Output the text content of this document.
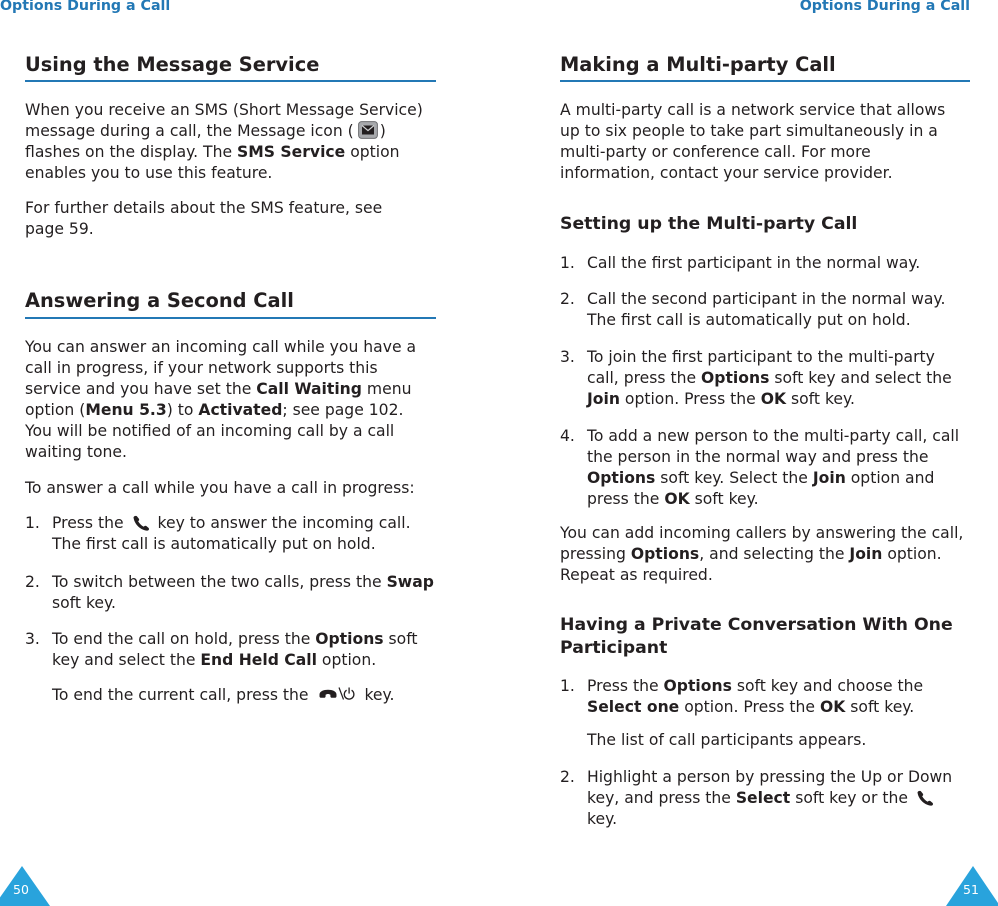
Options During a Call
Using the Message Service
When you receive an SMS (Short Message Service)
message during a call, the Message icon ( )
flashes on the display. The SMS Service option
enables you to use this feature.
For further details about the SMS feature, see
page 59.
Answering a Second Call
You can answer an incoming call while you have a
call in progress, if your network supports this
service and you have set the Call Waiting menu
option (Menu 5.3) to Activated; see page 102.
You will be notified of an incoming call by a call
waiting tone.
To answer a call while you have a call in progress:
1. Press the  key to answer the incoming call.
The first call is automatically put on hold.
2. To switch between the two calls, press the Swap
soft key.
3. To end the call on hold, press the Options soft
key and select the End Held Call option.
To end the current call, press the	key.
50
Options During a Call
Making a Multi-party Call
A multi-party call is a network service that allows
up to six people to take part simultaneously in a
multi-party or conference call. For more
information, contact your service provider.
Setting up the Multi-party Call
1. Call the first participant in the normal way.
2. Call the second participant in the normal way.
The first call is automatically put on hold.
3. To join the first participant to the multi-party
call, press the Options soft key and select the
Join option. Press the OK soft key.
4. To add a new person to the multi-party call, call
the person in the normal way and press the
Options soft key. Select the Join option and
press the OK soft key.
You can add incoming callers by answering the call,
pressing Options, and selecting the Join option.
Repeat as required.
Having a Private Conversation With One
Participant
1. Press the Options soft key and choose the
Select one option. Press the OK soft key.
The list of call participants appears.
2. Highlight a person by pressing the Up or Down
key, and press the Select soft key or the
key.
51
